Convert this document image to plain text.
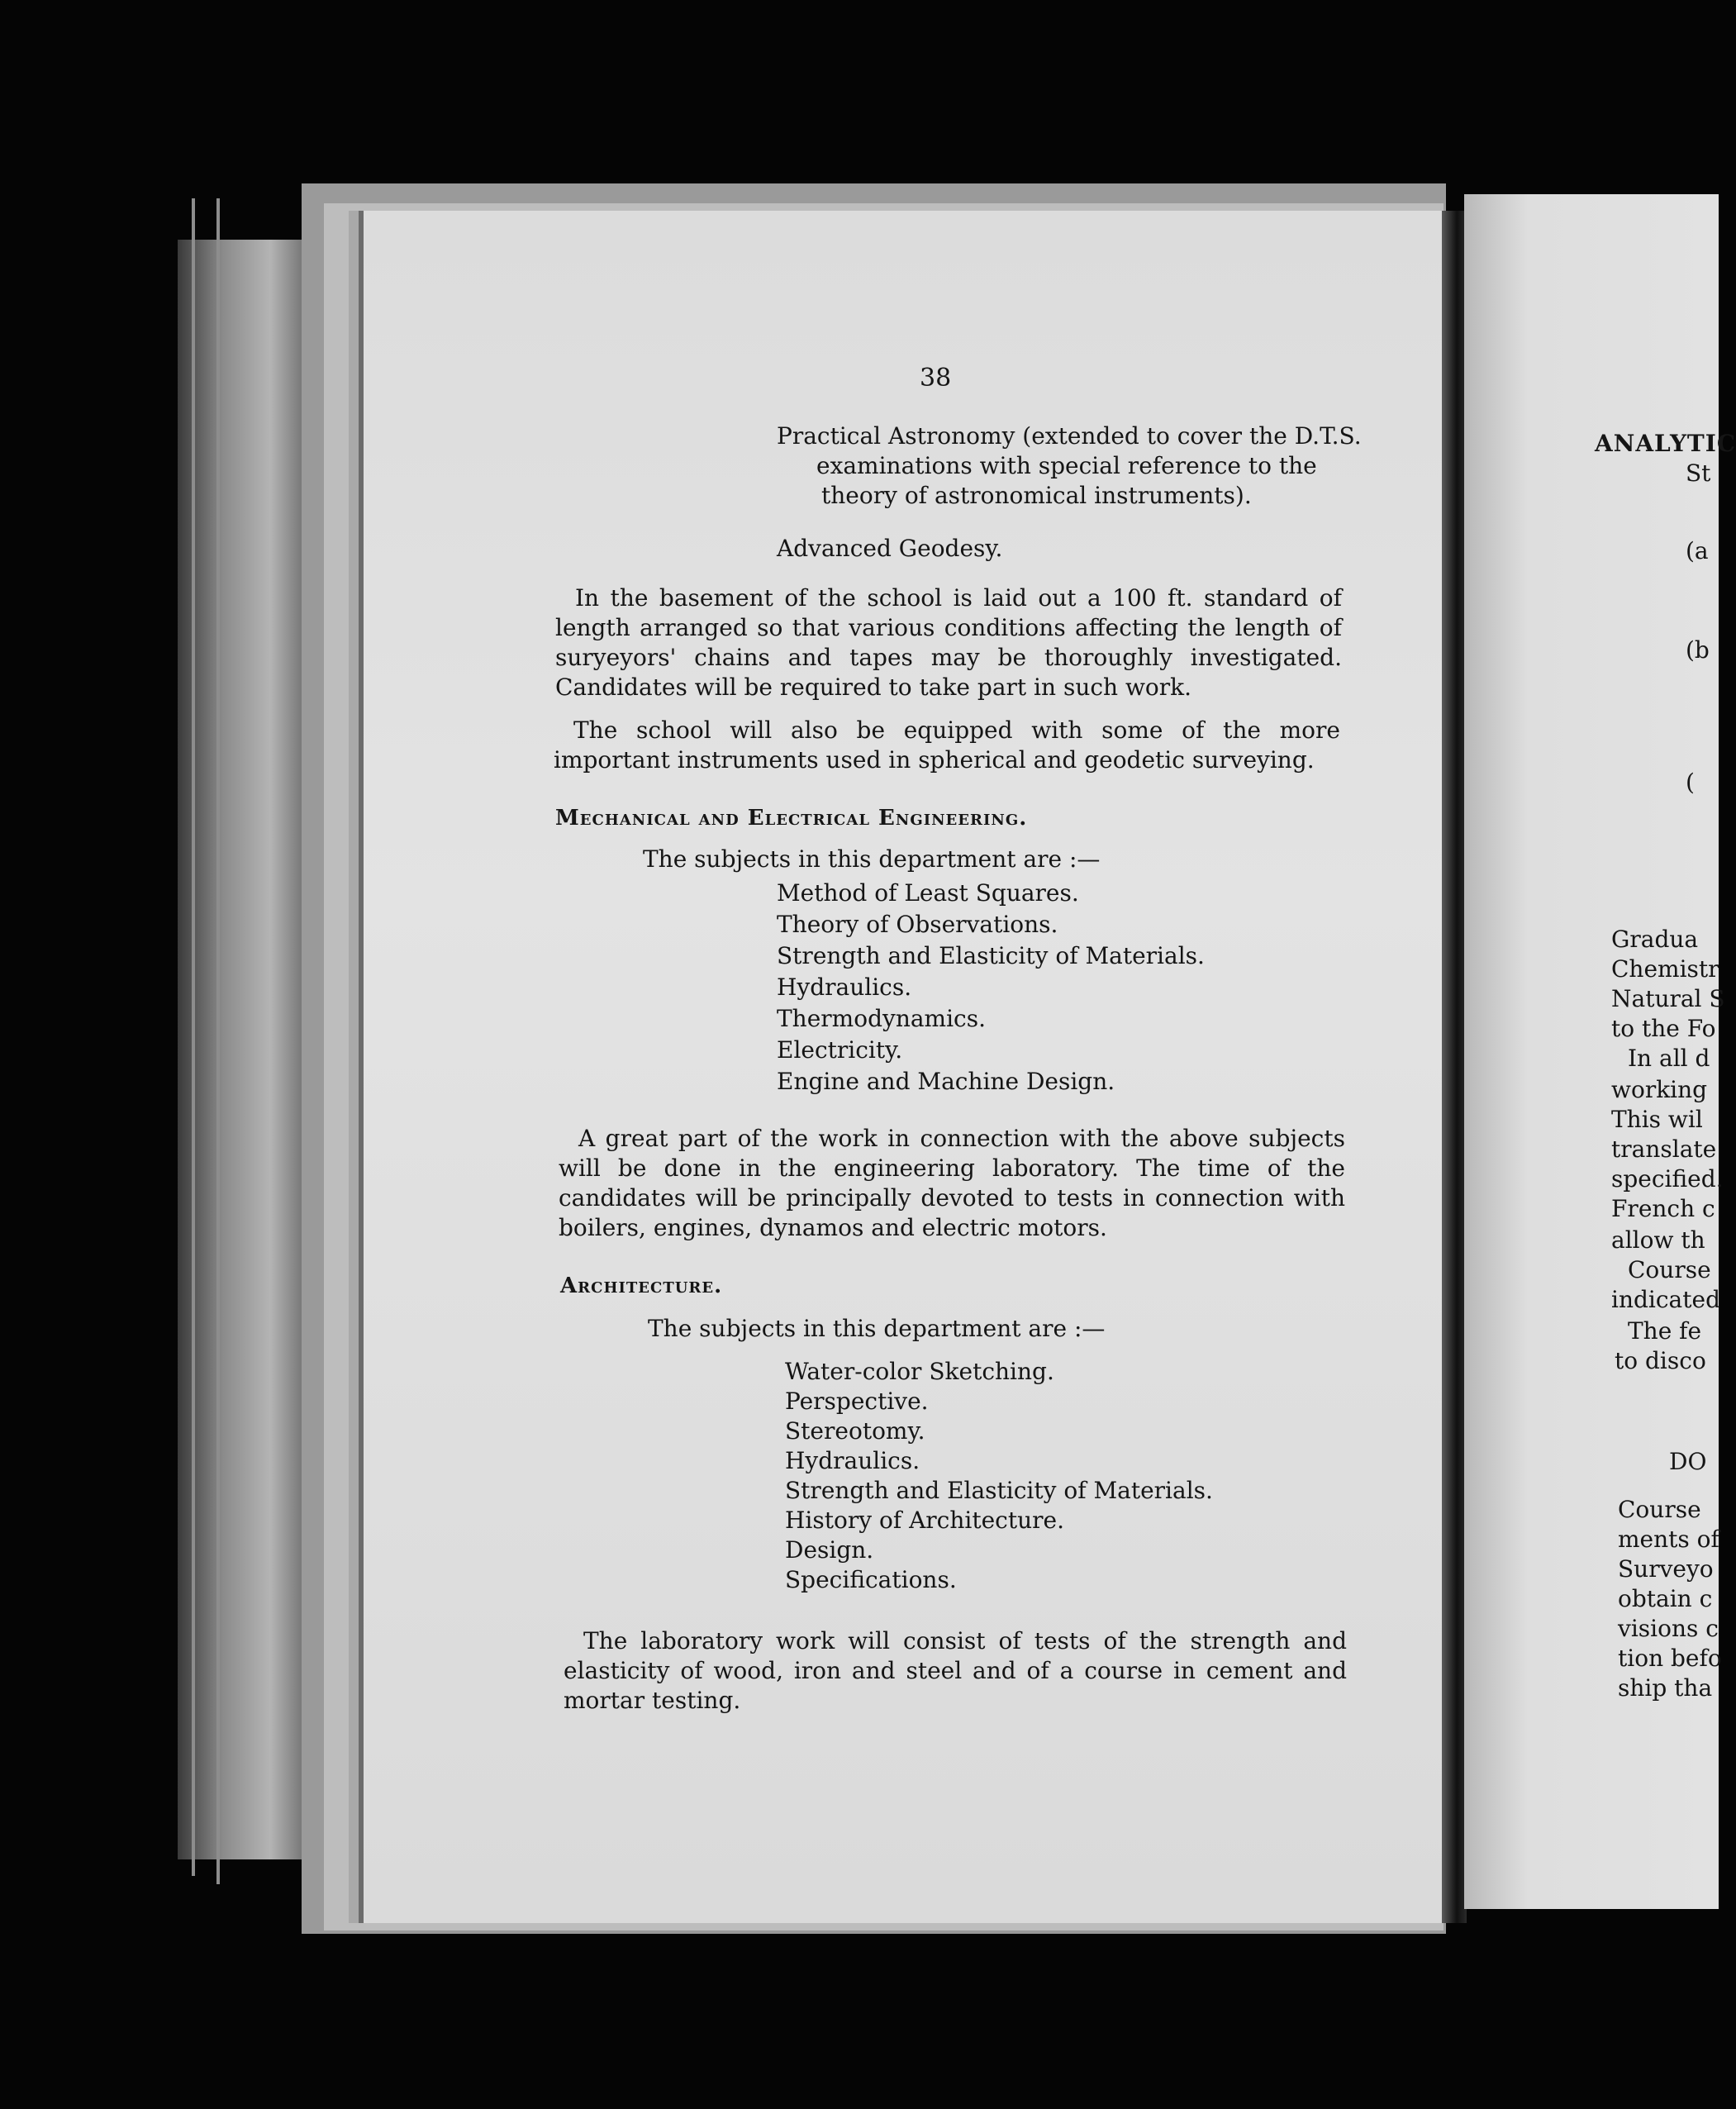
38
Practical Astronomy (extended to cover the D.T.S.
examinations with special reference to the
theory of astronomical instruments).
Advanced Geodesy.
In the basement of the school is laid out a 100 ft. standard of length arranged so that various conditions affecting the length of suryeyors' chains and tapes may be thoroughly investigated. Candidates will be required to take part in such work.
The school will also be equipped with some of the more important instruments used in spherical and geodetic surveying.
Mechanical and Electrical Engineering.
The subjects in this department are :—
Method of Least Squares.
Theory of Observations.
Strength and Elasticity of Materials.
Hydraulics.
Thermodynamics.
Electricity.
Engine and Machine Design.
A great part of the work in connection with the above subjects will be done in the engineering laboratory. The time of the candidates will be principally devoted to tests in connection with boilers, engines, dynamos and electric motors.
Architecture.
The subjects in this department are :—
Water-color Sketching.
Perspective.
Stereotomy.
Hydraulics.
Strength and Elasticity of Materials.
History of Architecture.
Design.
Specifications.
The laboratory work will consist of tests of the strength and elasticity of wood, iron and steel and of a course in cement and mortar testing.
ANALYTIC
St
(a
(b
(
Gradua
Chemistr
Natural S
to the Fo
In all d
working
This wil
translate
specified.
French c
allow th
Course
indicated
The fe
to disco
DO
Course
ments of
Surveyo
obtain c
visions c
tion befo
ship tha
